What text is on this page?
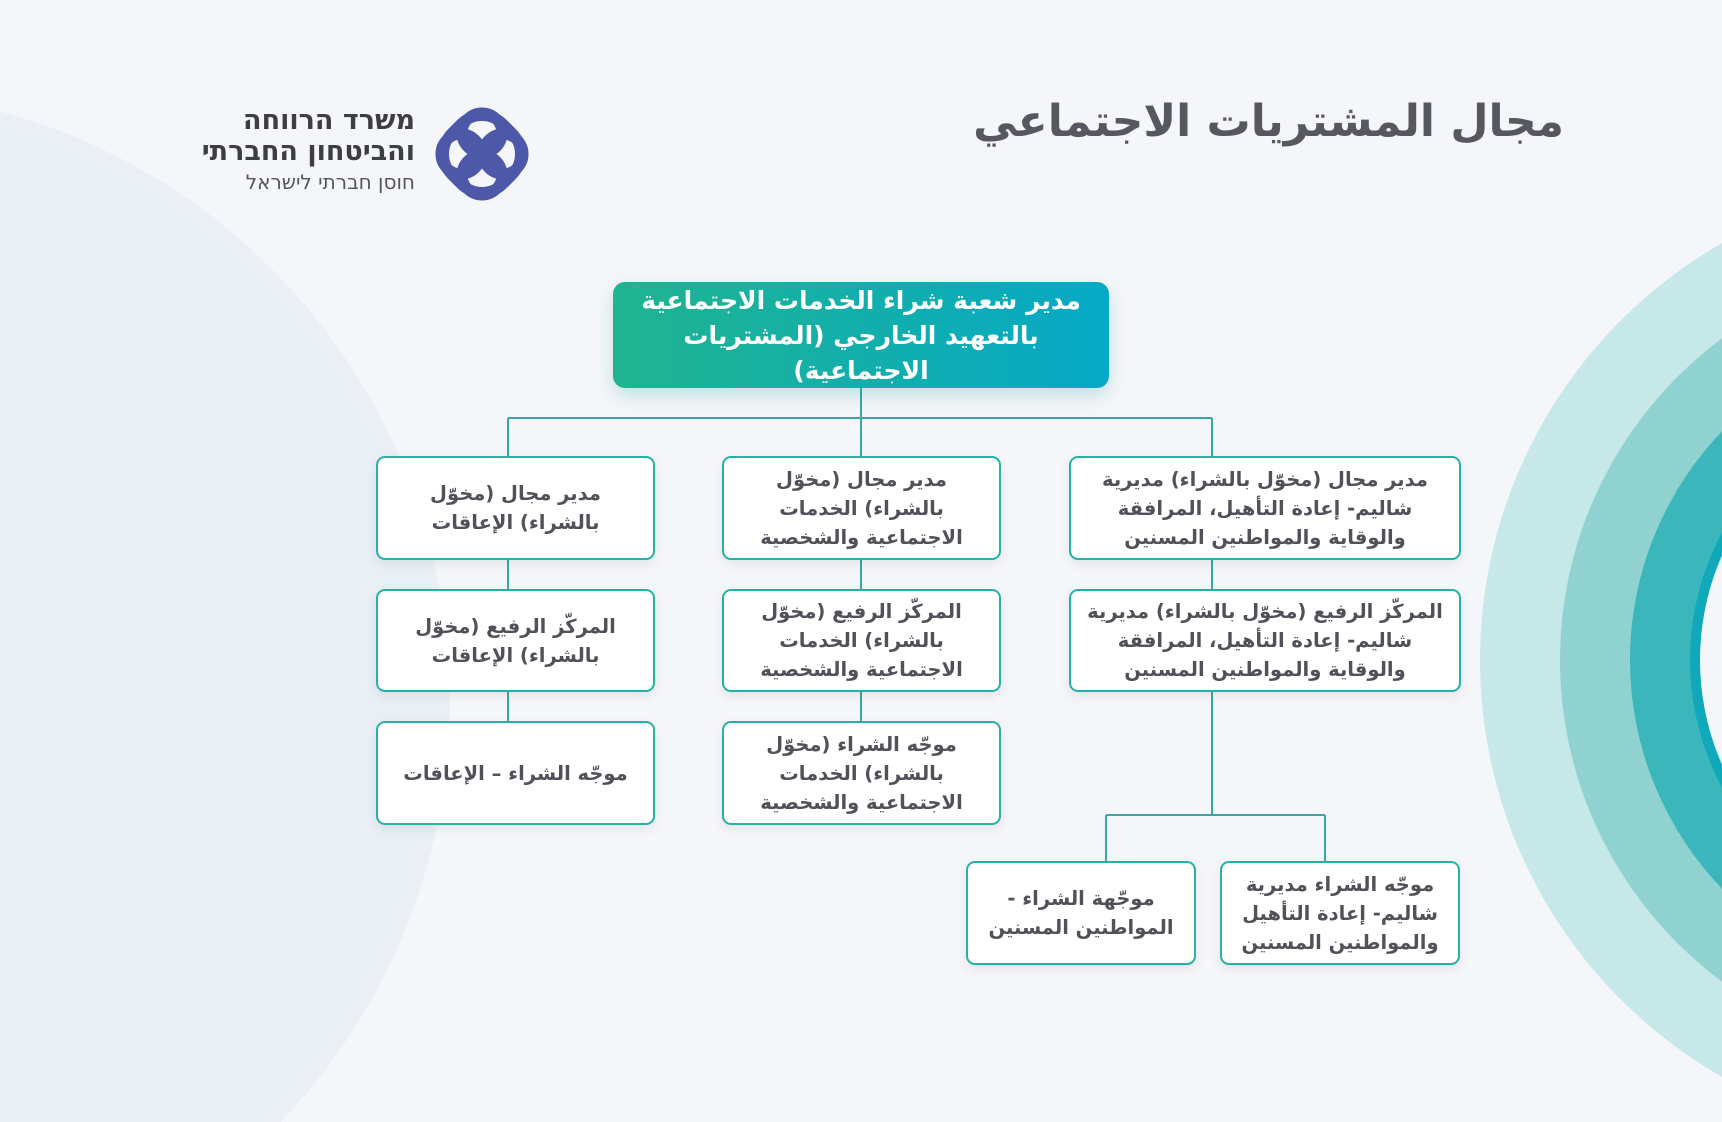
مجال المشتريات الاجتماعي
משרד הרווחה
והביטחון החברתי
חוסן חברתי לישראל
مدير شعبة شراء الخدمات الاجتماعية
بالتعهيد الخارجي (المشتريات الاجتماعية)
مدير مجال (مخوّل بالشراء) مديرية
شاليم- إعادة التأهيل، المرافقة
والوقاية والمواطنين المسنين
المركّز الرفيع (مخوّل بالشراء) مديرية
شاليم- إعادة التأهيل، المرافقة
والوقاية والمواطنين المسنين
موجّه الشراء مديرية
شاليم- إعادة التأهيل
والمواطنين المسنين
موجّهة الشراء -
المواطنين المسنين
مدير مجال (مخوّل
بالشراء) الخدمات
الاجتماعية والشخصية
المركّز الرفيع (مخوّل
بالشراء) الخدمات
الاجتماعية والشخصية
موجّه الشراء (مخوّل
بالشراء) الخدمات
الاجتماعية والشخصية
مدير مجال (مخوّل
بالشراء) الإعاقات
المركّز الرفيع (مخوّل
بالشراء) الإعاقات
موجّه الشراء – الإعاقات
